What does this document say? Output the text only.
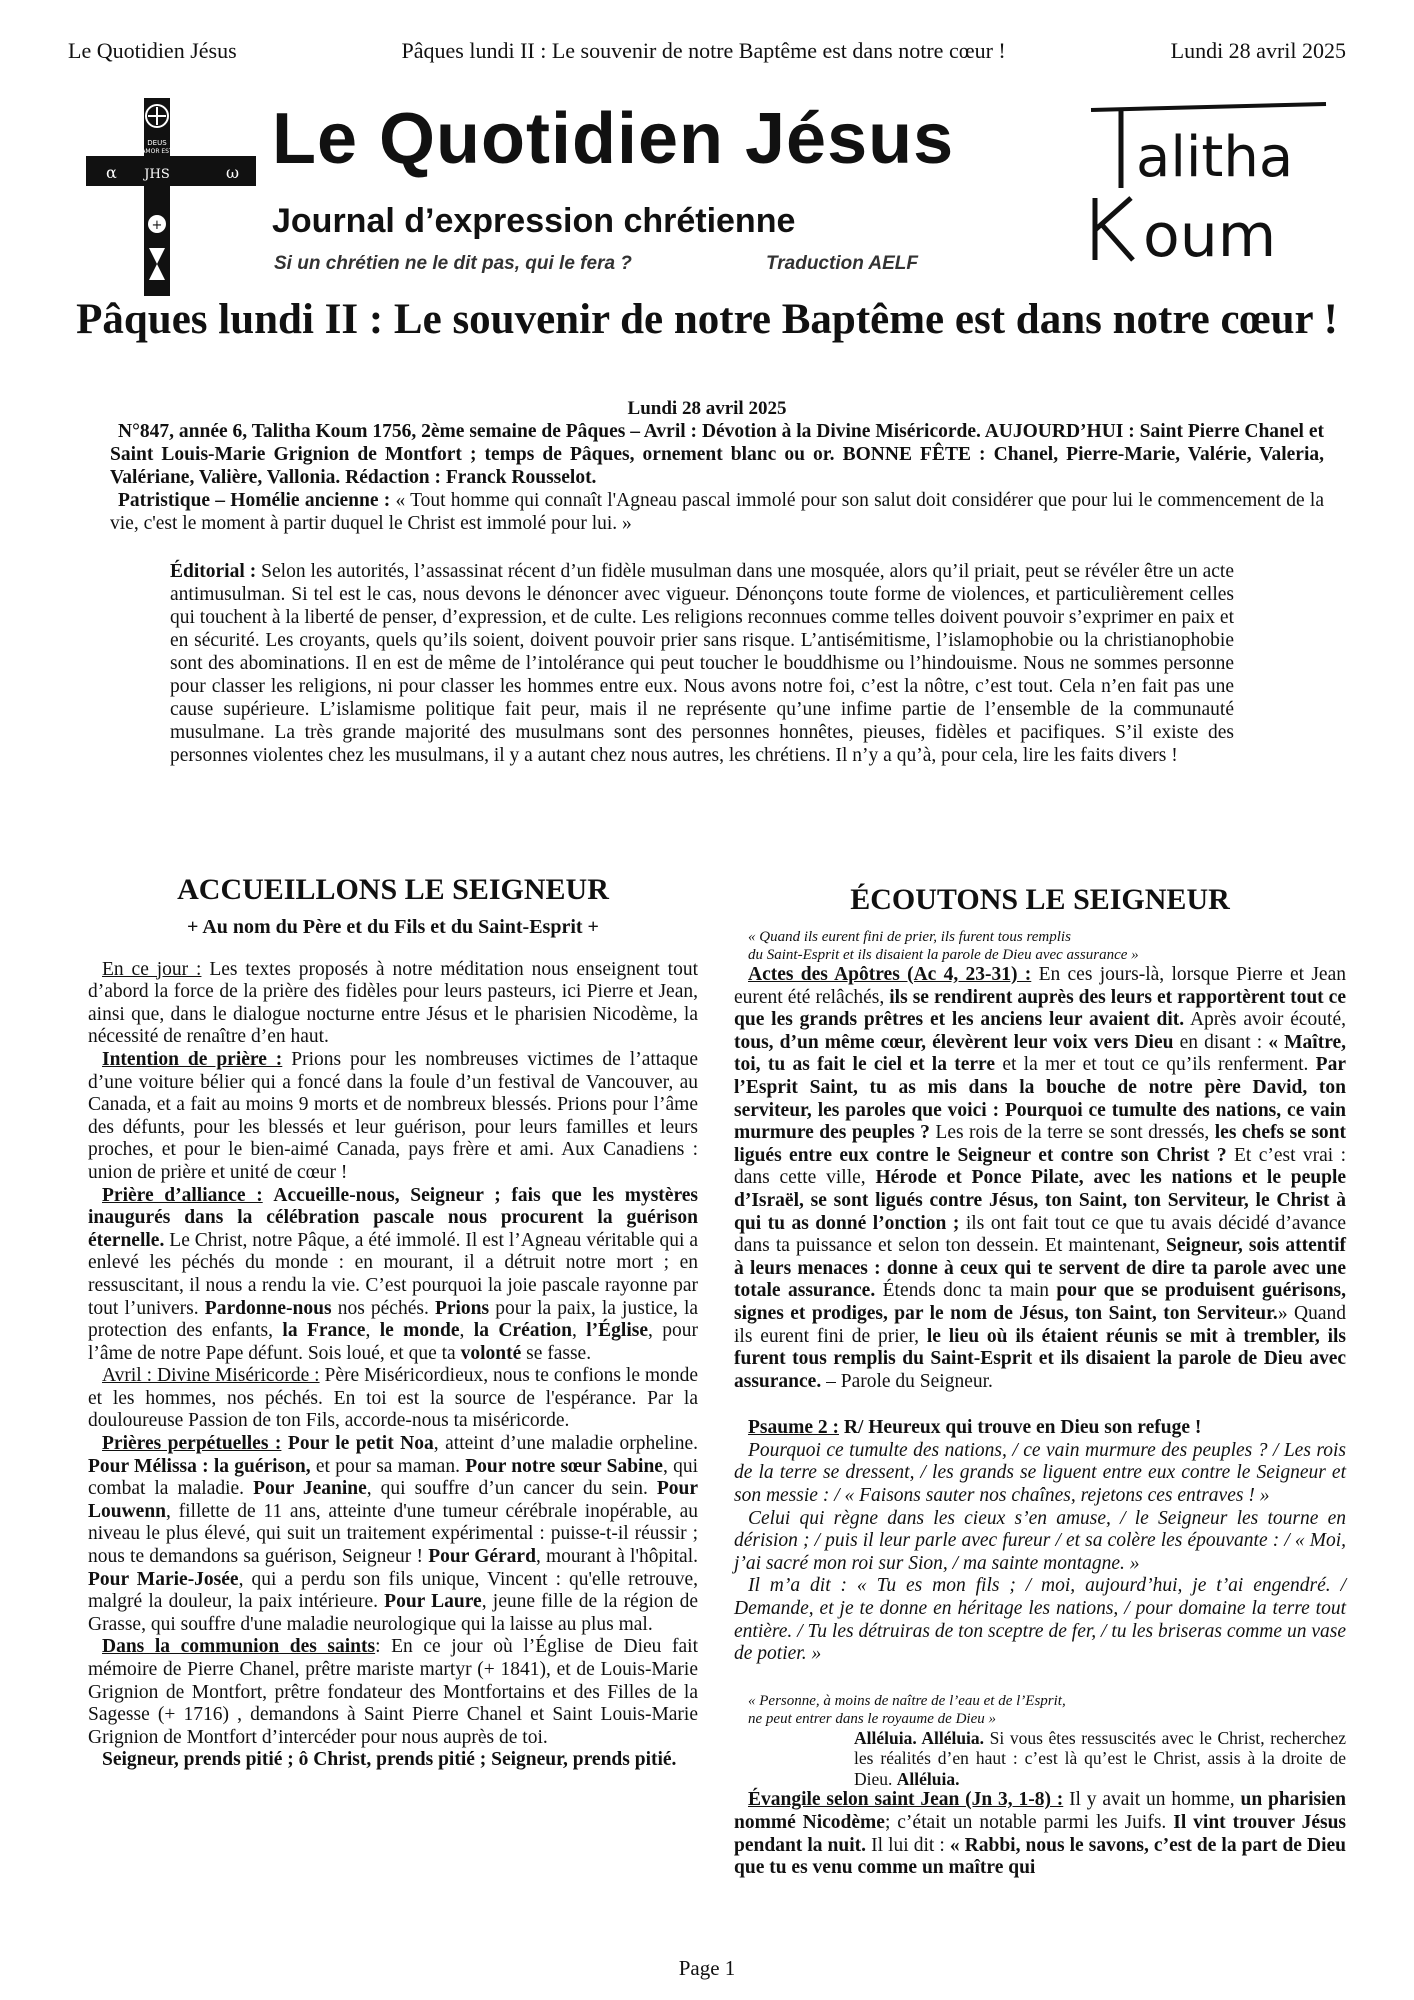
Le Quotidien Jésus	Pâques lundi II : Le souvenir de notre Baptême est dans notre cœur !	Lundi 28 avril 2025
DEUS
AMOR EST
α	ω
JHS
+
Le Quotidien Jésus
Journal d’expression chrétienne
Si un chrétien ne le dit pas, qui le fera ?	Traduction AELF
alitha
oum
Pâques lundi II : Le souvenir de notre Baptême est dans notre cœur !
Lundi 28 avril 2025

N°847, année 6, Talitha Koum 1756, 2ème semaine de Pâques – Avril : Dévotion à la Divine Miséricorde. AUJOURD’HUI : Saint Pierre Chanel et Saint Louis-Marie Grignion de Montfort ; temps de Pâques, ornement blanc ou or. BONNE FÊTE : Chanel, Pierre-Marie, Valérie, Valeria, Valériane, Valière, Vallonia. Rédaction : Franck Rousselot.

Patristique – Homélie ancienne : « Tout homme qui connaît l'Agneau pascal immolé pour son salut doit considérer que pour lui le commencement de la vie, c'est le moment à partir duquel le Christ est immolé pour lui. »

Éditorial : Selon les autorités, l’assassinat récent d’un fidèle musulman dans une mosquée, alors qu’il priait, peut se révéler être un acte antimusulman. Si tel est le cas, nous devons le dénoncer avec vigueur. Dénonçons toute forme de violences, et particulièrement celles qui touchent à la liberté de penser, d’expression, et de culte. Les religions reconnues comme telles doivent pouvoir s’exprimer en paix et en sécurité. Les croyants, quels qu’ils soient, doivent pouvoir prier sans risque. L’antisémitisme, l’islamophobie ou la christianophobie sont des abominations. Il en est de même de l’intolérance qui peut toucher le bouddhisme ou l’hindouisme. Nous ne sommes personne pour classer les religions, ni pour classer les hommes entre eux. Nous avons notre foi, c’est la nôtre, c’est tout. Cela n’en fait pas une cause supérieure. L’islamisme politique fait peur, mais il ne représente qu’une infime partie de l’ensemble de la communauté musulmane. La très grande majorité des musulmans sont des personnes honnêtes, pieuses, fidèles et pacifiques. S’il existe des personnes violentes chez les musulmans, il y a autant chez nous autres, les chrétiens. Il n’y a qu’à, pour cela, lire les faits divers !
ACCUEILLONS LE SEIGNEUR
+ Au nom du Père et du Fils et du Saint-Esprit +

En ce jour : Les textes proposés à notre méditation nous enseignent tout d’abord la force de la prière des fidèles pour leurs pasteurs, ici Pierre et Jean, ainsi que, dans le dialogue nocturne entre Jésus et le pharisien Nicodème, la nécessité de renaître d’en haut.

Intention de prière : Prions pour les nombreuses victimes de l’attaque d’une voiture bélier qui a foncé dans la foule d’un festival de Vancouver, au Canada, et a fait au moins 9 morts et de nombreux blessés. Prions pour l’âme des défunts, pour les blessés et leur guérison, pour leurs familles et leurs proches, et pour le bien-aimé Canada, pays frère et ami. Aux Canadiens : union de prière et unité de cœur !

Prière d’alliance : Accueille-nous, Seigneur ; fais que les mystères inaugurés dans la célébration pascale nous procurent la guérison éternelle. Le Christ, notre Pâque, a été immolé. Il est l’Agneau véritable qui a enlevé les péchés du monde : en mourant, il a détruit notre mort ; en ressuscitant, il nous a rendu la vie. C’est pourquoi la joie pascale rayonne par tout l’univers. Pardonne-nous nos péchés. Prions pour la paix, la justice, la protection des enfants, la France, le monde, la Création, l’Église, pour l’âme de notre Pape défunt. Sois loué, et que ta volonté se fasse.

Avril : Divine Miséricorde : Père Miséricordieux, nous te confions le monde et les hommes, nos péchés. En toi est la source de l'espérance. Par la douloureuse Passion de ton Fils, accorde-nous ta miséricorde.

Prières perpétuelles : Pour le petit Noa, atteint d’une maladie orpheline. Pour Mélissa : la guérison, et pour sa maman. Pour notre sœur Sabine, qui combat la maladie. Pour Jeanine, qui souffre d’un cancer du sein. Pour Louwenn, fillette de 11 ans, atteinte d'une tumeur cérébrale inopérable, au niveau le plus élevé, qui suit un traitement expérimental : puisse-t-il réussir ; nous te demandons sa guérison, Seigneur ! Pour Gérard, mourant à l'hôpital. Pour Marie-Josée, qui a perdu son fils unique, Vincent : qu'elle retrouve, malgré la douleur, la paix intérieure. Pour Laure, jeune fille de la région de Grasse, qui souffre d'une maladie neurologique qui la laisse au plus mal.

Dans la communion des saints: En ce jour où l’Église de Dieu fait mémoire de Pierre Chanel, prêtre mariste martyr (+ 1841), et de Louis-Marie Grignion de Montfort, prêtre fondateur des Montfortains et des Filles de la Sagesse (+ 1716) , demandons à Saint Pierre Chanel et Saint Louis-Marie Grignion de Montfort d’intercéder pour nous auprès de toi.

Seigneur, prends pitié ; ô Christ, prends pitié ; Seigneur, prends pitié.

ÉCOUTONS LE SEIGNEUR

« Quand ils eurent fini de prier, ils furent tous remplis

du Saint-Esprit et ils disaient la parole de Dieu avec assurance »

Actes des Apôtres (Ac 4, 23-31) : En ces jours-là, lorsque Pierre et Jean eurent été relâchés, ils se rendirent auprès des leurs et rapportèrent tout ce que les grands prêtres et les anciens leur avaient dit. Après avoir écouté, tous, d’un même cœur, élevèrent leur voix vers Dieu en disant : « Maître, toi, tu as fait le ciel et la terre et la mer et tout ce qu’ils renferment. Par l’Esprit Saint, tu as mis dans la bouche de notre père David, ton serviteur, les paroles que voici : Pourquoi ce tumulte des nations, ce vain murmure des peuples ? Les rois de la terre se sont dressés, les chefs se sont ligués entre eux contre le Seigneur et contre son Christ ? Et c’est vrai : dans cette ville, Hérode et Ponce Pilate, avec les nations et le peuple d’Israël, se sont ligués contre Jésus, ton Saint, ton Serviteur, le Christ à qui tu as donné l’onction ; ils ont fait tout ce que tu avais décidé d’avance dans ta puissance et selon ton dessein. Et maintenant, Seigneur, sois attentif à leurs menaces : donne à ceux qui te servent de dire ta parole avec une totale assurance. Étends donc ta main pour que se produisent guérisons, signes et prodiges, par le nom de Jésus, ton Saint, ton Serviteur.» Quand ils eurent fini de prier, le lieu où ils étaient réunis se mit à trembler, ils furent tous remplis du Saint-Esprit et ils disaient la parole de Dieu avec assurance. – Parole du Seigneur.

Psaume 2 : R/ Heureux qui trouve en Dieu son refuge !

Pourquoi ce tumulte des nations, / ce vain murmure des peuples ? / Les rois de la terre se dressent, / les grands se liguent entre eux contre le Seigneur et son messie : / « Faisons sauter nos chaînes, rejetons ces entraves ! »

Celui qui règne dans les cieux s’en amuse, / le Seigneur les tourne en dérision ; / puis il leur parle avec fureur / et sa colère les épouvante : / « Moi, j’ai sacré mon roi sur Sion, / ma sainte montagne. »

Il m’a dit : « Tu es mon fils ; / moi, aujourd’hui, je t’ai engendré. / Demande, et je te donne en héritage les nations, / pour domaine la terre tout entière. / Tu les détruiras de ton sceptre de fer, / tu les briseras comme un vase de potier. »

« Personne, à moins de naître de l’eau et de l’Esprit,

ne peut entrer dans le royaume de Dieu »

Alléluia. Alléluia. Si vous êtes ressuscités avec le Christ, recherchez les réalités d’en haut : c’est là qu’est le Christ, assis à la droite de Dieu. Alléluia.

Évangile selon saint Jean (Jn 3, 1-8) : Il y avait un homme, un pharisien nommé Nicodème; c’était un notable parmi les Juifs. Il vint trouver Jésus pendant la nuit. Il lui dit : « Rabbi, nous le savons, c’est de la part de Dieu que tu es venu comme un maître qui

Page 1
